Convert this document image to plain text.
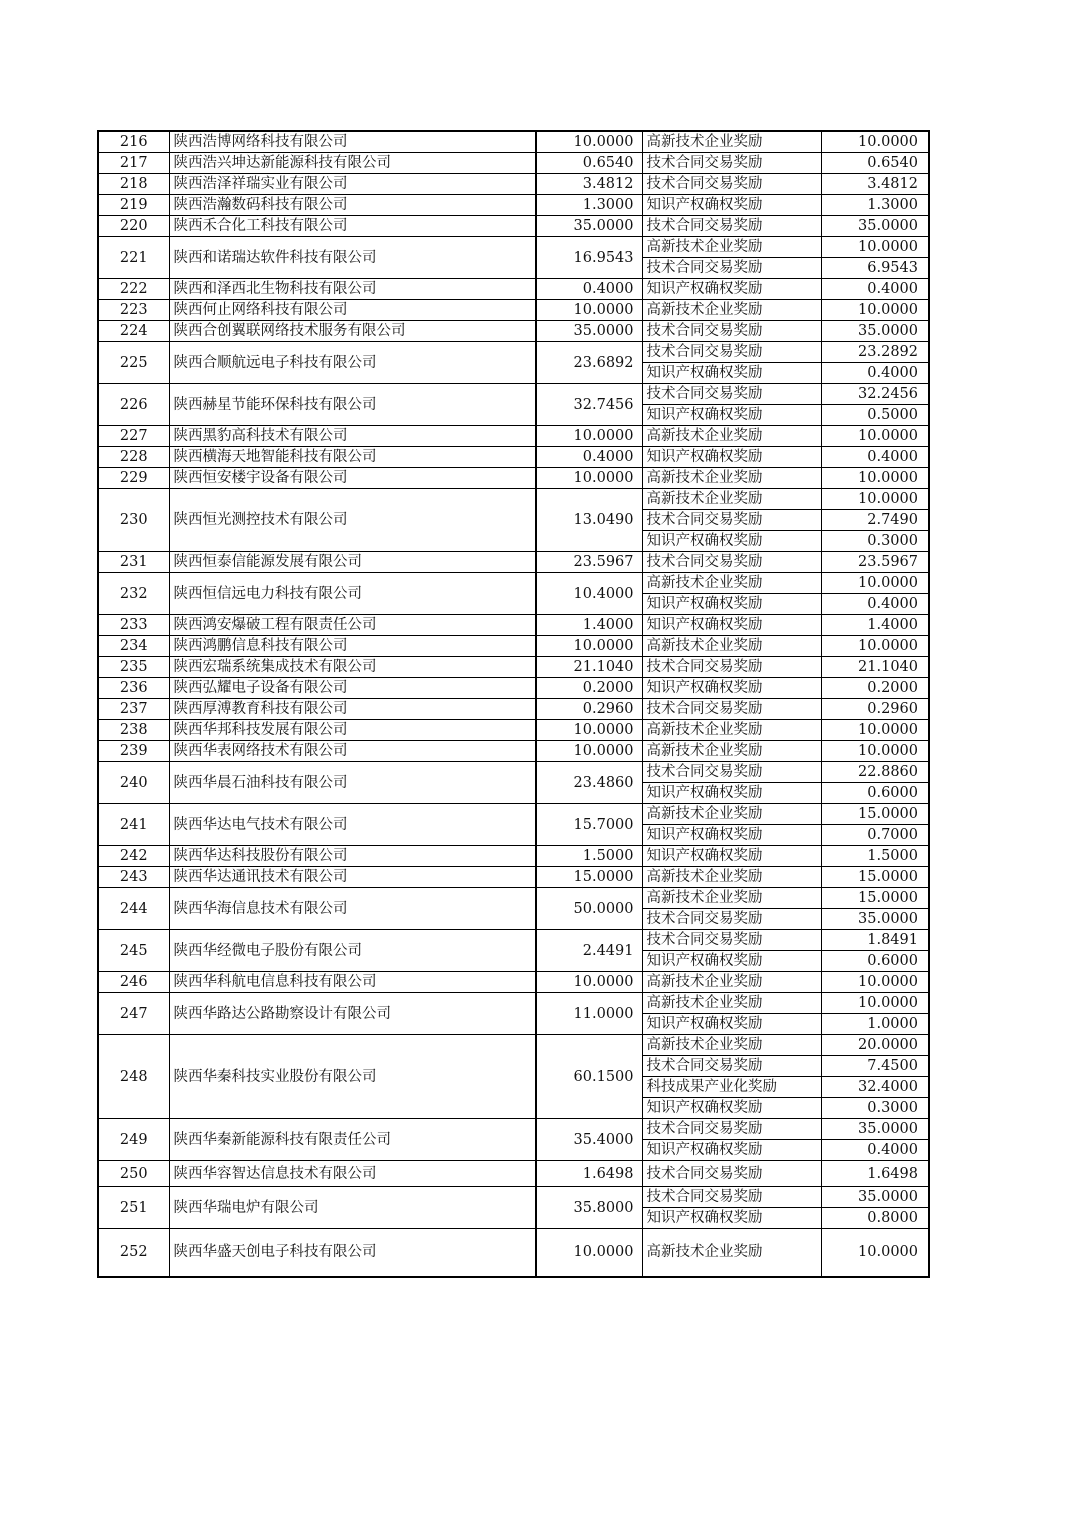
216	陕西浩博网络科技有限公司	10.0000	高新技术企业奖励	10.0000
217	陕西浩兴坤达新能源科技有限公司	0.6540	技术合同交易奖励	0.6540
218	陕西浩泽祥瑞实业有限公司	3.4812	技术合同交易奖励	3.4812
219	陕西浩瀚数码科技有限公司	1.3000	知识产权确权奖励	1.3000
220	陕西禾合化工科技有限公司	35.0000	技术合同交易奖励	35.0000
221	陕西和诺瑞达软件科技有限公司	16.9543	高新技术企业奖励	10.0000
			技术合同交易奖励	6.9543
222	陕西和泽西北生物科技有限公司	0.4000	知识产权确权奖励	0.4000
223	陕西何止网络科技有限公司	10.0000	高新技术企业奖励	10.0000
224	陕西合创翼联网络技术服务有限公司	35.0000	技术合同交易奖励	35.0000
225	陕西合顺航远电子科技有限公司	23.6892	技术合同交易奖励	23.2892
			知识产权确权奖励	0.4000
226	陕西赫星节能环保科技有限公司	32.7456	技术合同交易奖励	32.2456
			知识产权确权奖励	0.5000
227	陕西黑豹高科技术有限公司	10.0000	高新技术企业奖励	10.0000
228	陕西横海天地智能科技有限公司	0.4000	知识产权确权奖励	0.4000
229	陕西恒安楼宇设备有限公司	10.0000	高新技术企业奖励	10.0000
230	陕西恒光测控技术有限公司	13.0490	高新技术企业奖励	10.0000
			技术合同交易奖励	2.7490
			知识产权确权奖励	0.3000
231	陕西恒泰信能源发展有限公司	23.5967	技术合同交易奖励	23.5967
232	陕西恒信远电力科技有限公司	10.4000	高新技术企业奖励	10.0000
			知识产权确权奖励	0.4000
233	陕西鸿安爆破工程有限责任公司	1.4000	知识产权确权奖励	1.4000
234	陕西鸿鹏信息科技有限公司	10.0000	高新技术企业奖励	10.0000
235	陕西宏瑞系统集成技术有限公司	21.1040	技术合同交易奖励	21.1040
236	陕西弘耀电子设备有限公司	0.2000	知识产权确权奖励	0.2000
237	陕西厚溥教育科技有限公司	0.2960	技术合同交易奖励	0.2960
238	陕西华邦科技发展有限公司	10.0000	高新技术企业奖励	10.0000
239	陕西华表网络技术有限公司	10.0000	高新技术企业奖励	10.0000
240	陕西华晨石油科技有限公司	23.4860	技术合同交易奖励	22.8860
			知识产权确权奖励	0.6000
241	陕西华达电气技术有限公司	15.7000	高新技术企业奖励	15.0000
			知识产权确权奖励	0.7000
242	陕西华达科技股份有限公司	1.5000	知识产权确权奖励	1.5000
243	陕西华达通讯技术有限公司	15.0000	高新技术企业奖励	15.0000
244	陕西华海信息技术有限公司	50.0000	高新技术企业奖励	15.0000
			技术合同交易奖励	35.0000
245	陕西华经微电子股份有限公司	2.4491	技术合同交易奖励	1.8491
			知识产权确权奖励	0.6000
246	陕西华科航电信息科技有限公司	10.0000	高新技术企业奖励	10.0000
247	陕西华路达公路勘察设计有限公司	11.0000	高新技术企业奖励	10.0000
			知识产权确权奖励	1.0000
248	陕西华秦科技实业股份有限公司	60.1500	高新技术企业奖励	20.0000
			技术合同交易奖励	7.4500
			科技成果产业化奖励	32.4000
			知识产权确权奖励	0.3000
249	陕西华秦新能源科技有限责任公司	35.4000	技术合同交易奖励	35.0000
			知识产权确权奖励	0.4000
250	陕西华容智达信息技术有限公司	1.6498	技术合同交易奖励	1.6498
251	陕西华瑞电炉有限公司	35.8000	技术合同交易奖励	35.0000
			知识产权确权奖励	0.8000
252	陕西华盛天创电子科技有限公司	10.0000	高新技术企业奖励	10.0000
